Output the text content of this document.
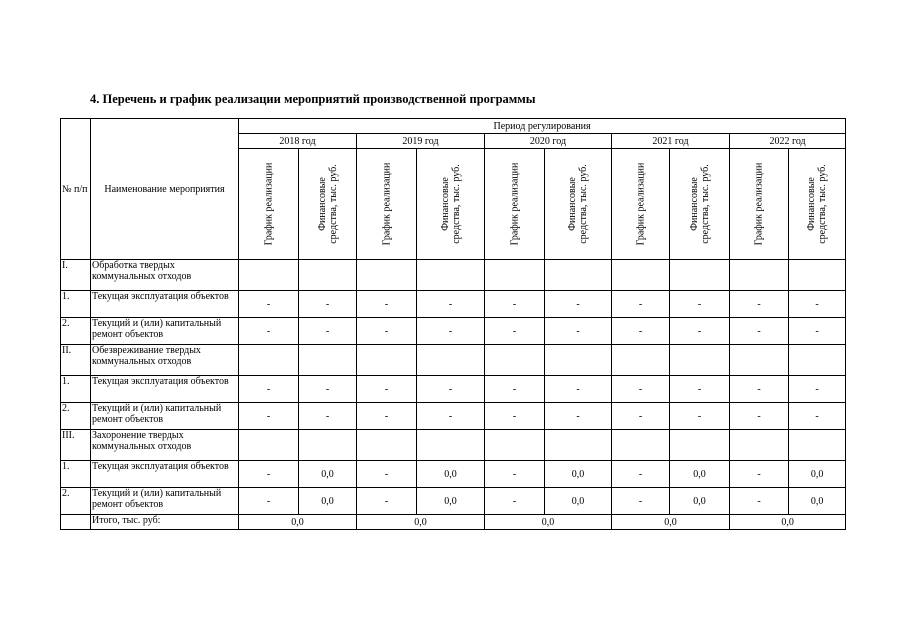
4. Перечень и график реализации мероприятий производственной программы
№ п/п	Наименование мероприятия	Период регулирования									
		2018 год		2019 год		2020 год		2021 год		2022 год	

		График реализации	Финансовые средства, тыс. руб.	График реализации	Финансовые средства, тыс. руб.	График реализации	Финансовые средства, тыс. руб.	График реализации	Финансовые средства, тыс. руб.	График реализации	Финансовые средства, тыс. руб.

I.	Обработка твердых коммунальных отходов										
1.	Текущая эксплуатация объектов	-	-	-	-	-	-	-	-	-	-
2.	Текущий и (или) капитальный ремонт объектов	-	-	-	-	-	-	-	-	-	-
II.	Обезвреживание твердых коммунальных отходов										
1.	Текущая эксплуатация объектов	-	-	-	-	-	-	-	-	-	-
2.	Текущий и (или) капитальный ремонт объектов	-	-	-	-	-	-	-	-	-	-
III.	Захоронение твердых коммунальных отходов										
1.	Текущая эксплуатация объектов	-	0,0	-	0,0	-	0,0	-	0,0	-	0,0
2.	Текущий и (или) капитальный ремонт объектов	-	0,0	-	0,0	-	0,0	-	0,0	-	0,0
	Итого, тыс. руб:	0,0		0,0		0,0		0,0		0,0	
